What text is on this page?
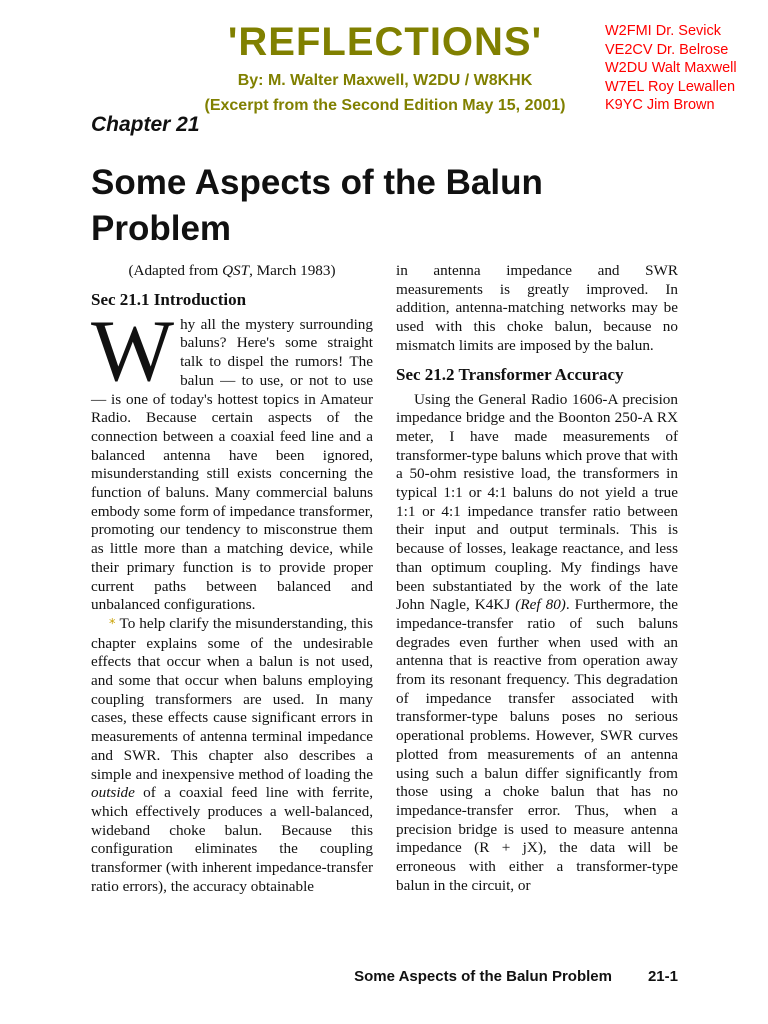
'REFLECTIONS'
By: M. Walter Maxwell, W2DU / W8KHK
(Excerpt from the Second Edition May 15, 2001)
W2FMI Dr. Sevick
VE2CV Dr. Belrose
W2DU Walt Maxwell
W7EL Roy Lewallen
K9YC Jim Brown
Chapter 21
Some Aspects of the Balun Problem

(Adapted from QST, March 1983)

Sec 21.1 Introduction

Why all the mystery surrounding baluns? Here's some straight talk to dispel the rumors! The balun — to use, or not to use — is one of today's hottest topics in Amateur Radio. Because certain aspects of the connection between a coaxial feed line and a balanced antenna have been ignored, misunderstanding still exists concerning the function of baluns. Many commercial baluns embody some form of impedance transformer, promoting our tendency to misconstrue them as little more than a matching device, while their primary function is to provide proper current paths between balanced and unbalanced configurations.

* To help clarify the misunderstanding, this chapter explains some of the undesirable effects that occur when a balun is not used, and some that occur when baluns employing coupling transformers are used. In many cases, these effects cause significant errors in measurements of antenna terminal impedance and SWR. This chapter also describes a simple and inexpensive method of loading the outside of a coaxial feed line with ferrite, which effectively produces a well-balanced, wideband choke balun. Because this configuration eliminates the coupling transformer (with inherent impedance-transfer ratio errors), the accuracy obtainable

in antenna impedance and SWR measurements is greatly improved. In addition, antenna-matching networks may be used with this choke balun, because no mismatch limits are imposed by the balun.

Sec 21.2 Transformer Accuracy

Using the General Radio 1606-A precision impedance bridge and the Boonton 250-A RX meter, I have made measurements of transformer-type baluns which prove that with a 50-ohm resistive load, the transformers in typical 1:1 or 4:1 baluns do not yield a true 1:1 or 4:1 impedance transfer ratio between their input and output terminals. This is because of losses, leakage reactance, and less than optimum coupling. My findings have been substantiated by the work of the late John Nagle, K4KJ (Ref 80). Furthermore, the impedance-transfer ratio of such baluns degrades even further when used with an antenna that is reactive from operation away from its resonant frequency. This degradation of impedance transfer associated with transformer-type baluns poses no serious operational problems. However, SWR curves plotted from measurements of an antenna using such a balun differ significantly from those using a choke balun that has no impedance-transfer error. Thus, when a precision bridge is used to measure antenna impedance (R + jX), the data will be erroneous with either a transformer-type balun in the circuit, or

Some Aspects of the Balun Problem 21-1
